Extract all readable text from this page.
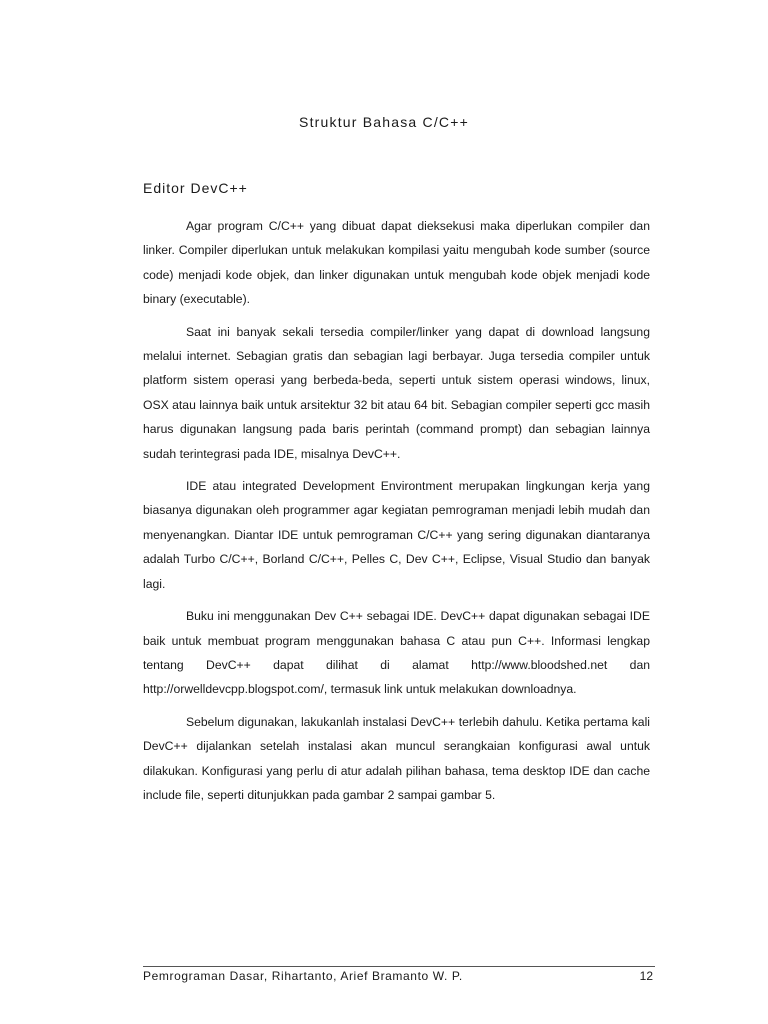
Struktur Bahasa C/C++
Editor DevC++

Agar program C/C++ yang dibuat dapat dieksekusi maka diperlukan compiler dan linker. Compiler diperlukan untuk melakukan kompilasi yaitu mengubah kode sumber (source code) menjadi kode objek, dan linker digunakan untuk mengubah kode objek menjadi kode binary (executable).

Saat ini banyak sekali tersedia compiler/linker yang dapat di download langsung melalui internet. Sebagian gratis dan sebagian lagi berbayar. Juga tersedia compiler untuk platform sistem operasi yang berbeda-beda, seperti untuk sistem operasi windows, linux, OSX atau lainnya baik untuk arsitektur 32 bit atau 64 bit. Sebagian compiler seperti gcc masih harus digunakan langsung pada baris perintah (command prompt) dan sebagian lainnya sudah terintegrasi pada IDE, misalnya DevC++.

IDE atau integrated Development Environtment merupakan lingkungan kerja yang biasanya digunakan oleh programmer agar kegiatan pemrograman menjadi lebih mudah dan menyenangkan. Diantar IDE untuk pemrograman C/C++ yang sering digunakan diantaranya adalah Turbo C/C++, Borland C/C++, Pelles C, Dev C++, Eclipse, Visual Studio dan banyak lagi.

Buku ini menggunakan Dev C++ sebagai IDE. DevC++ dapat digunakan sebagai IDE baik untuk membuat program menggunakan bahasa C atau pun C++. Informasi lengkap tentang DevC++ dapat dilihat di alamat http://www.bloodshed.net dan http://orwelldevcpp.blogspot.com/, termasuk link untuk melakukan downloadnya.

Sebelum digunakan, lakukanlah instalasi DevC++ terlebih dahulu. Ketika pertama kali DevC++ dijalankan setelah instalasi akan muncul serangkaian konfigurasi awal untuk dilakukan. Konfigurasi yang perlu di atur adalah pilihan bahasa, tema desktop IDE dan cache include file, seperti ditunjukkan pada gambar 2 sampai gambar 5.

Pemrograman Dasar, Rihartanto, Arief Bramanto W. P.	12
